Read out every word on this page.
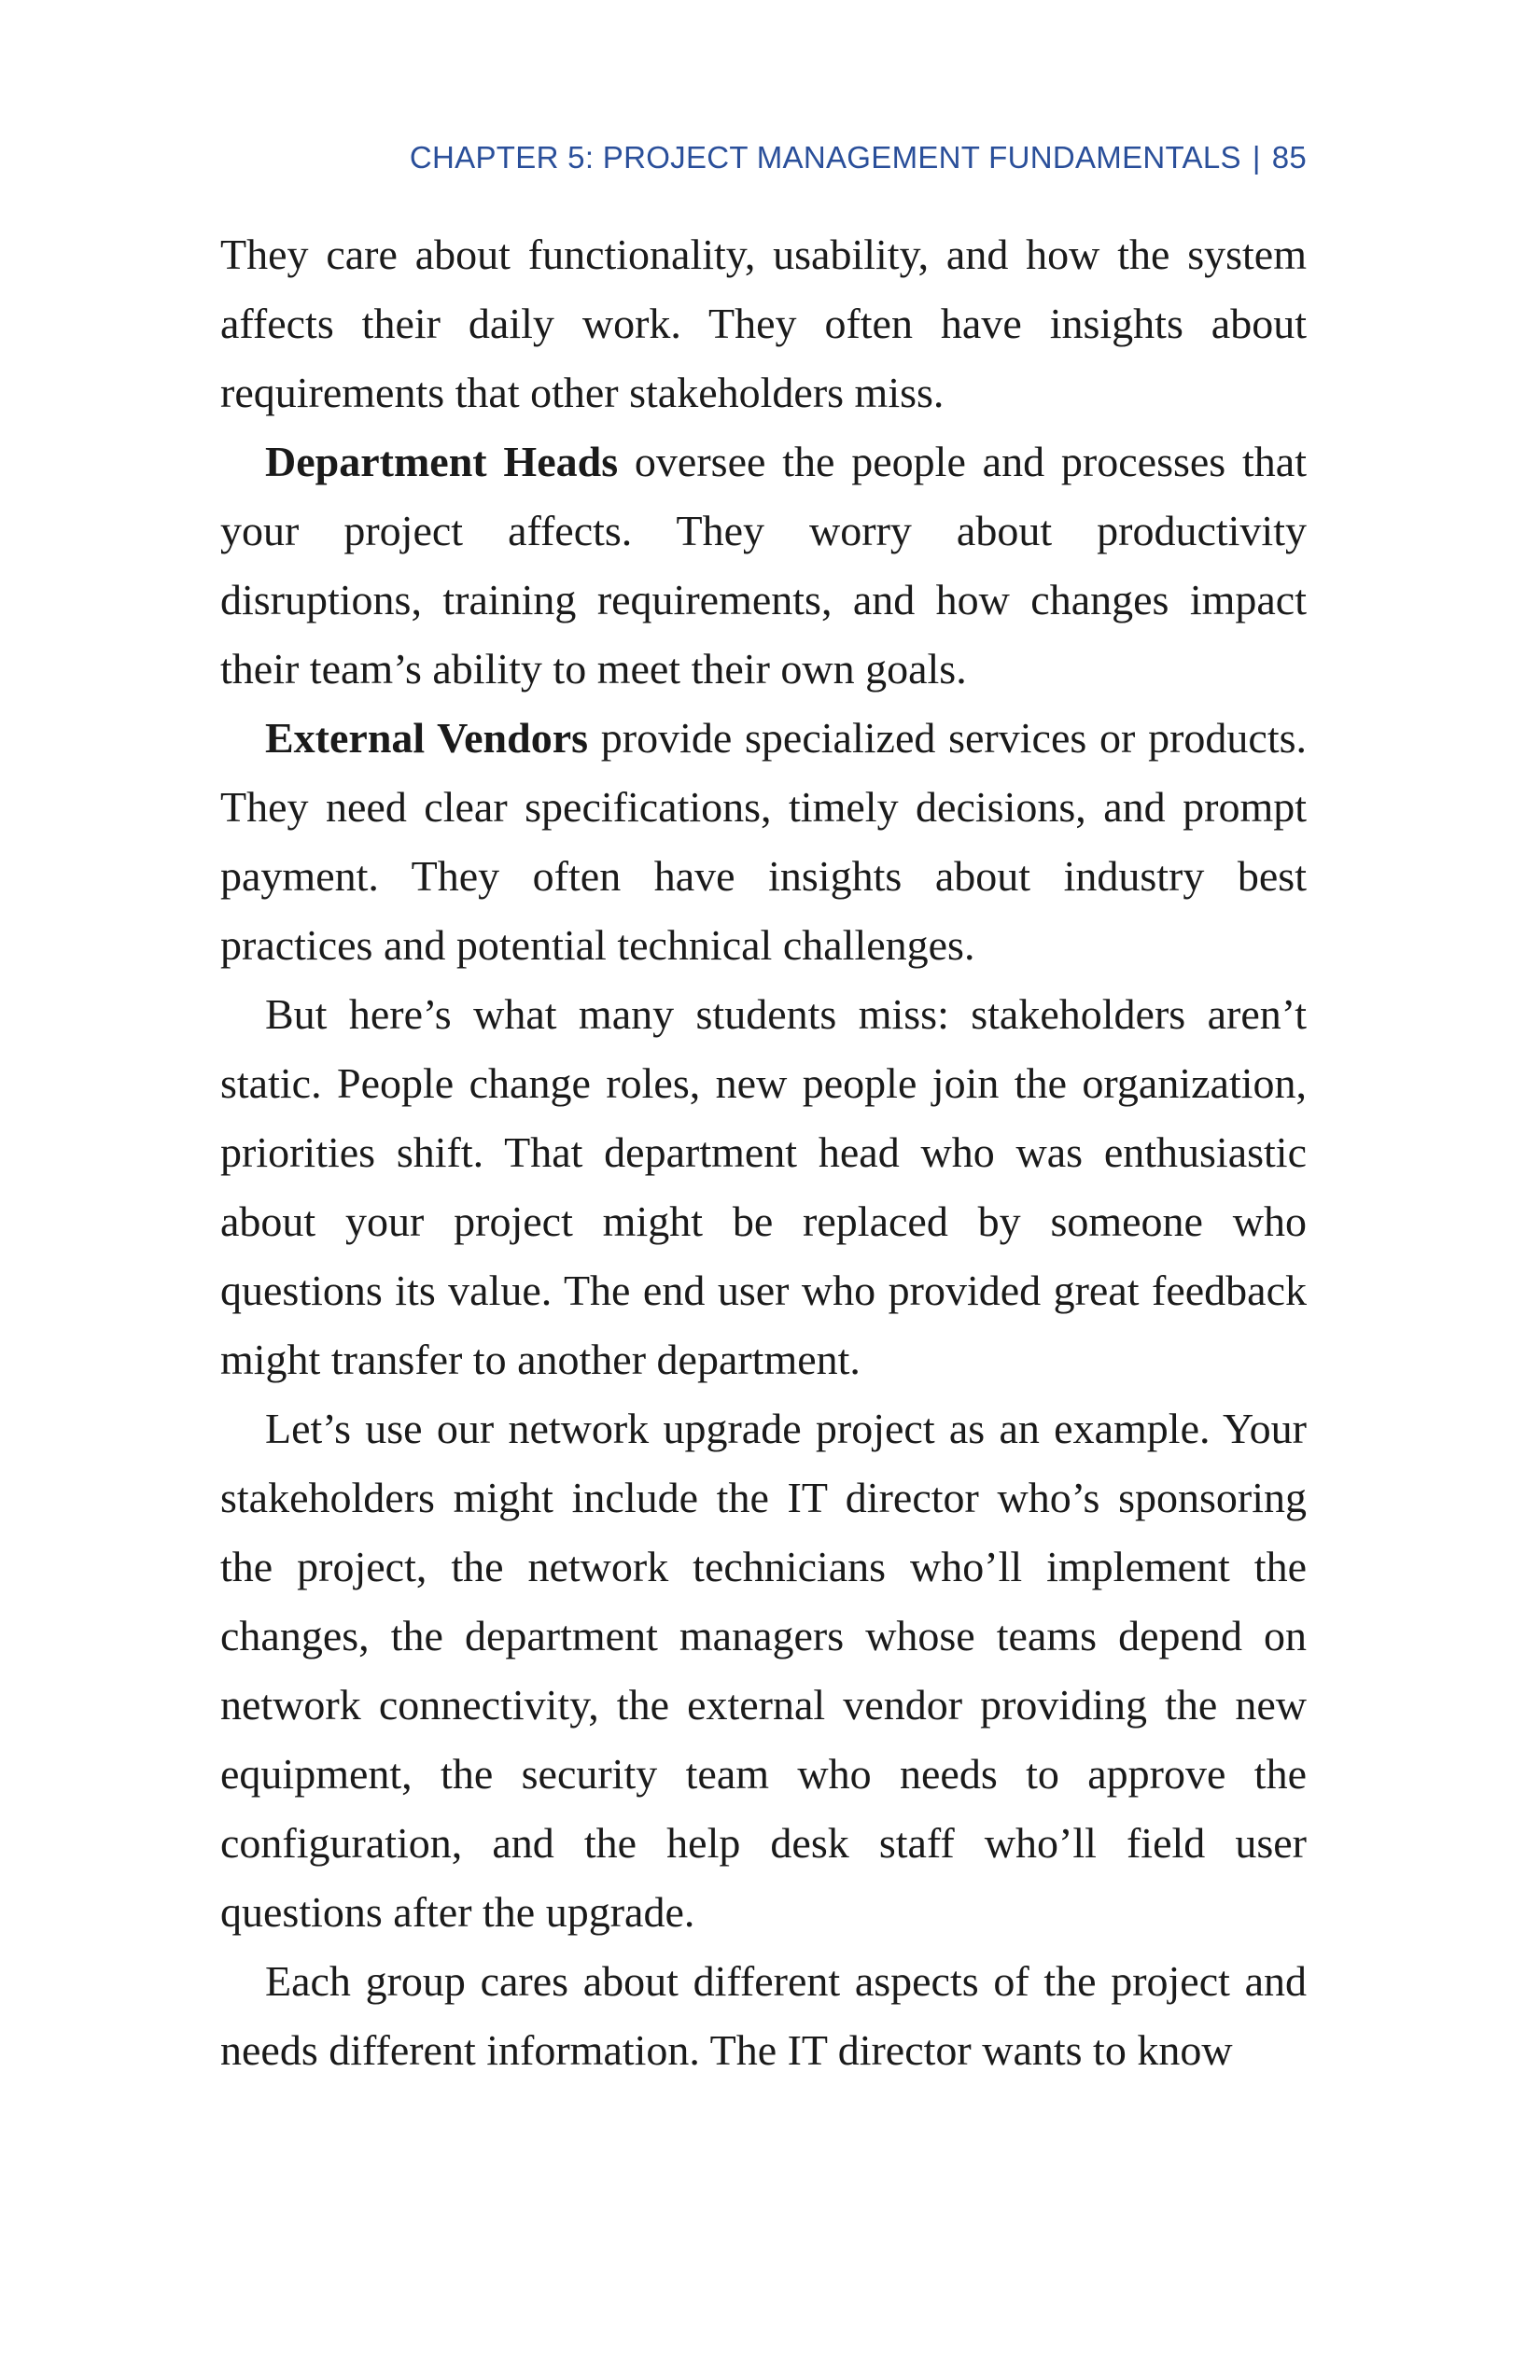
CHAPTER 5: PROJECT MANAGEMENT FUNDAMENTALS | 85

They care about functionality, usability, and how the system affects their daily work. They often have insights about requirements that other stakeholders miss.

Department Heads oversee the people and processes that your project affects. They worry about productivity disruptions, training requirements, and how changes impact their team’s ability to meet their own goals.

External Vendors provide specialized services or products. They need clear specifications, timely decisions, and prompt payment. They often have insights about industry best practices and potential technical challenges.

But here’s what many students miss: stakeholders aren’t static. People change roles, new people join the organization, priorities shift. That department head who was enthusiastic about your project might be replaced by someone who questions its value. The end user who provided great feedback might transfer to another department.

Let’s use our network upgrade project as an example. Your stakeholders might include the IT director who’s sponsoring the project, the network technicians who’ll implement the changes, the department managers whose teams depend on network connectivity, the external vendor providing the new equipment, the security team who needs to approve the configuration, and the help desk staff who’ll field user questions after the upgrade.

Each group cares about different aspects of the project and needs different information. The IT director wants to know
